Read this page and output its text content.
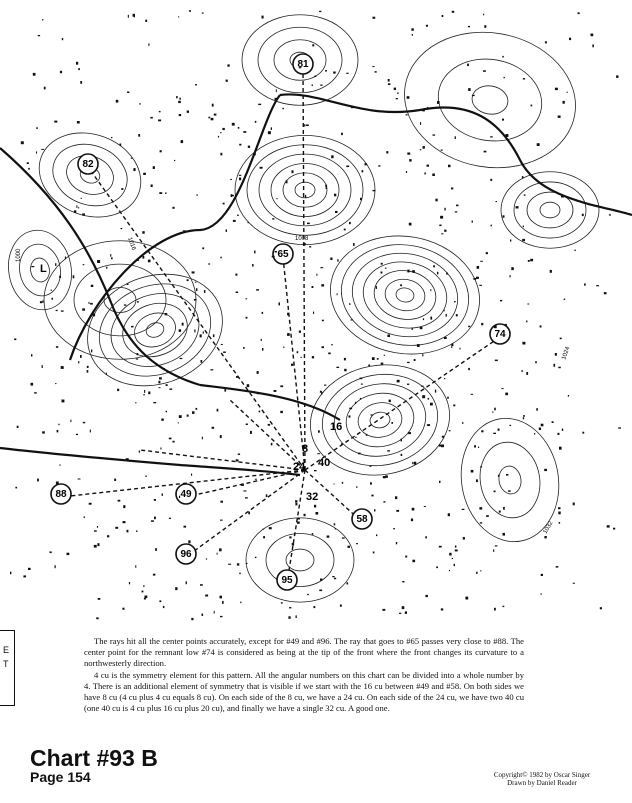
L
81
82
65
74
88	49
58
96
95
16
8
24 40
32
1000
1008
1016
1024
1032
E
T

The rays hit all the center points accurately, except for #49 and #96. The ray that goes to #65 passes very close to #88. The center point for the remnant low #74 is considered as being at the tip of the front where the front changes its curvature to a northwesterly direction.

4 cu is the symmetry element for this pattern. All the angular numbers on this chart can be divided into a whole number by 4. There is an additional element of symmetry that is visible if we start with the 16 cu between #49 and #58. On both sides we have 8 cu (4 cu plus 4 cu equals 8 cu). On each side of the 8 cu, we have a 24 cu. On each side of the 24 cu, we have two 40 cu (one 40 cu is 4 cu plus 16 cu plus 20 cu), and finally we have a single 32 cu. A good one.

Chart #93 B
Page 154	Copyright© 1982 by Oscar Singer
Drawn by Daniel Reader
